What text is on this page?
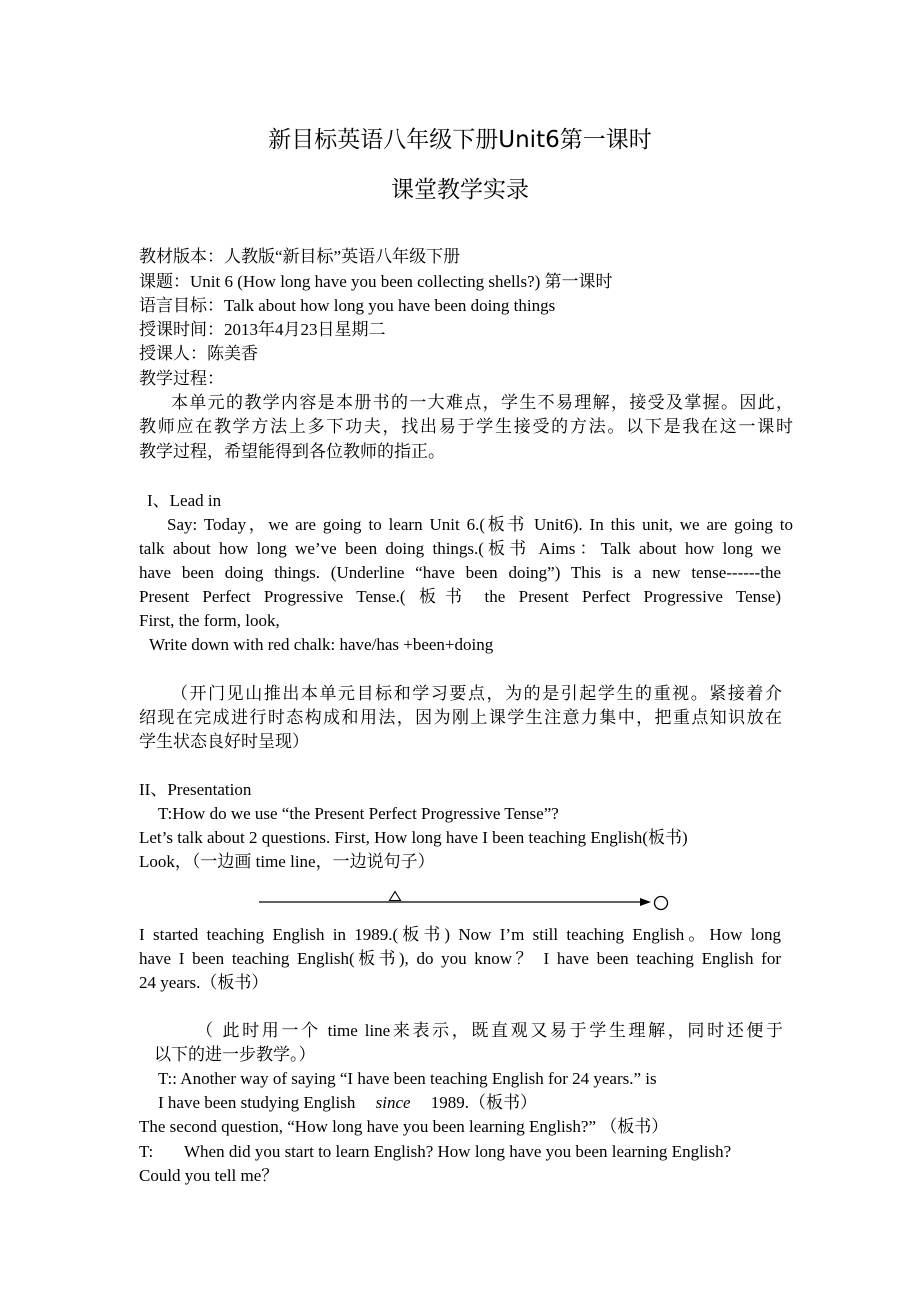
新目标英语八年级下册Unit6第一课时
课堂教学实录
教材版本：人教版“新目标”英语八年级下册
课题：Unit 6 (How long have you been collecting shells?) 第一课时
语言目标：Talk about how long you have been doing things
授课时间：2013年4月23日星期二
授课人：陈美香
教学过程：
本单元的教学内容是本册书的一大难点，学生不易理解，接受及掌握。因此，
教师应在教学方法上多下功夫，找出易于学生接受的方法。以下是我在这一课时
教学过程，希望能得到各位教师的指正。
I、Lead in
Say: Today，we are going to learn Unit 6.(板书 Unit6). In this unit, we are going to
talk about how long we’ve been doing things.(板书 Aims：Talk about how long we
have been doing things. (Underline “have been doing”) This is a new tense------the
Present Perfect Progressive Tense.( 板书 the Present Perfect Progressive Tense)
First, the form, look,
Write down with red chalk: have/has +been+doing
（开门见山推出本单元目标和学习要点，为的是引起学生的重视。紧接着介
绍现在完成进行时态构成和用法，因为刚上课学生注意力集中，把重点知识放在
学生状态良好时呈现）
II、Presentation
T:How do we use “the Present Perfect Progressive Tense”?
Let’s talk about 2 questions. First, How long have I been teaching English(板书)
Look，（一边画 time line，一边说句子）
I started teaching English in 1989.(板书) Now I’m still teaching English。How long
have I been teaching English(板书), do you know？ I have been teaching English for
24 years.（板书）
（ 此时用一个 time line来表示，既直观又易于学生理解，同时还便于
以下的进一步教学。）
T:: Another way of saying “I have been teaching English for 24 years.” is
I have been studying English since 1989.（板书）
The second question, “How long have you been learning English?” （板书）
T: When did you start to learn English? How long have you been learning English?
Could you tell me？
